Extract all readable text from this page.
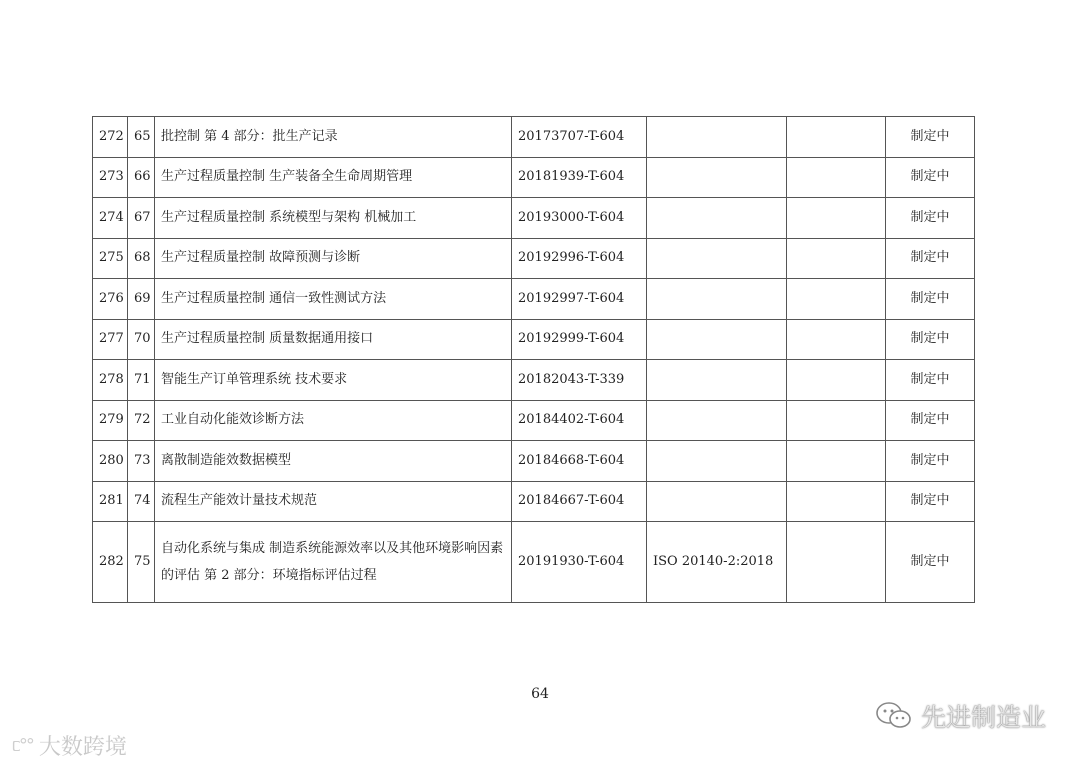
272	65	批控制 第 4 部分：批生产记录	20173707-T-604			制定中
273	66	生产过程质量控制 生产装备全生命周期管理	20181939-T-604			制定中
274	67	生产过程质量控制 系统模型与架构 机械加工	20193000-T-604			制定中
275	68	生产过程质量控制 故障预测与诊断	20192996-T-604			制定中
276	69	生产过程质量控制 通信一致性测试方法	20192997-T-604			制定中
277	70	生产过程质量控制 质量数据通用接口	20192999-T-604			制定中
278	71	智能生产订单管理系统 技术要求	20182043-T-339			制定中
279	72	工业自动化能效诊断方法	20184402-T-604			制定中
280	73	离散制造能效数据模型	20184668-T-604			制定中
281	74	流程生产能效计量技术规范	20184667-T-604			制定中
282	75	自动化系统与集成 制造系统能源效率以及其他环境影响因素的评估 第 2 部分：环境指标评估过程	20191930-T-604	ISO 20140-2:2018		制定中
64
ᥴ°° 大数跨境
先进制造业
